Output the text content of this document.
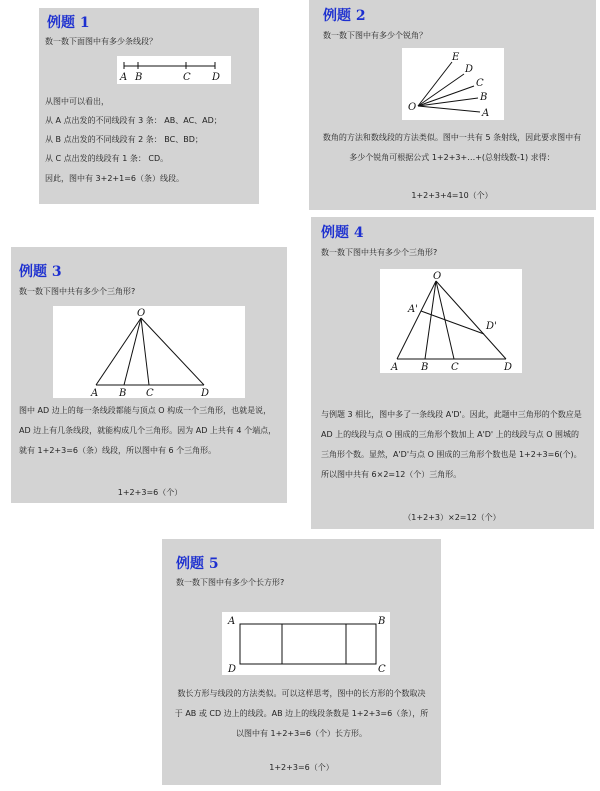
例题 1
数一数下面图中有多少条线段？
A B	C D
从图中可以看出，
从 A 点出发的不同线段有 3 条： AB、AC、AD；
从 B 点出发的不同线段有 2 条： BC、BD；
从 C 点出发的线段有 1 条： CD。
因此，图中有 3+2+1=6（条）线段。
例题 2
数一数下图中有多少个锐角？
O
E
D
C
B
A
数角的方法和数线段的方法类似。图中一共有 5 条射线，因此要求图中有多少个锐角可根据公式 1+2+3+…+(总射线数-1) 求得：
1+2+3+4=10（个）
例题 3
数一数下图中共有多少个三角形?
O
A B C	D
图中 AD 边上的每一条线段都能与顶点 O 构成一个三角形，也就是说，AD 边上有几条线段，就能构成几个三角形。因为 AD 上共有 4 个端点，就有 1+2+3=6（条）线段，所以图中有 6 个三角形。
1+2+3=6（个）
例题 4
数一数下图中共有多少个三角形?
O
A'
D'
A B C	D
与例题 3 相比，图中多了一条线段 A'D'。因此，此题中三角形的个数应是 AD 上的线段与点 O 围成的三角形个数加上 A'D' 上的线段与点 O 围城的三角形个数。显然，A'D'与点 O 围成的三角形个数也是 1+2+3=6(个)。所以图中共有 6×2=12（个）三角形。
（1+2+3）×2=12（个）
例题 5
数一数下图中有多少个长方形?
A	B
C
D
数长方形与线段的方法类似。可以这样思考，图中的长方形的个数取决于 AB 或 CD 边上的线段。AB 边上的线段条数是 1+2+3=6（条），所以图中有 1+2+3=6（个）长方形。
1+2+3=6（个）
